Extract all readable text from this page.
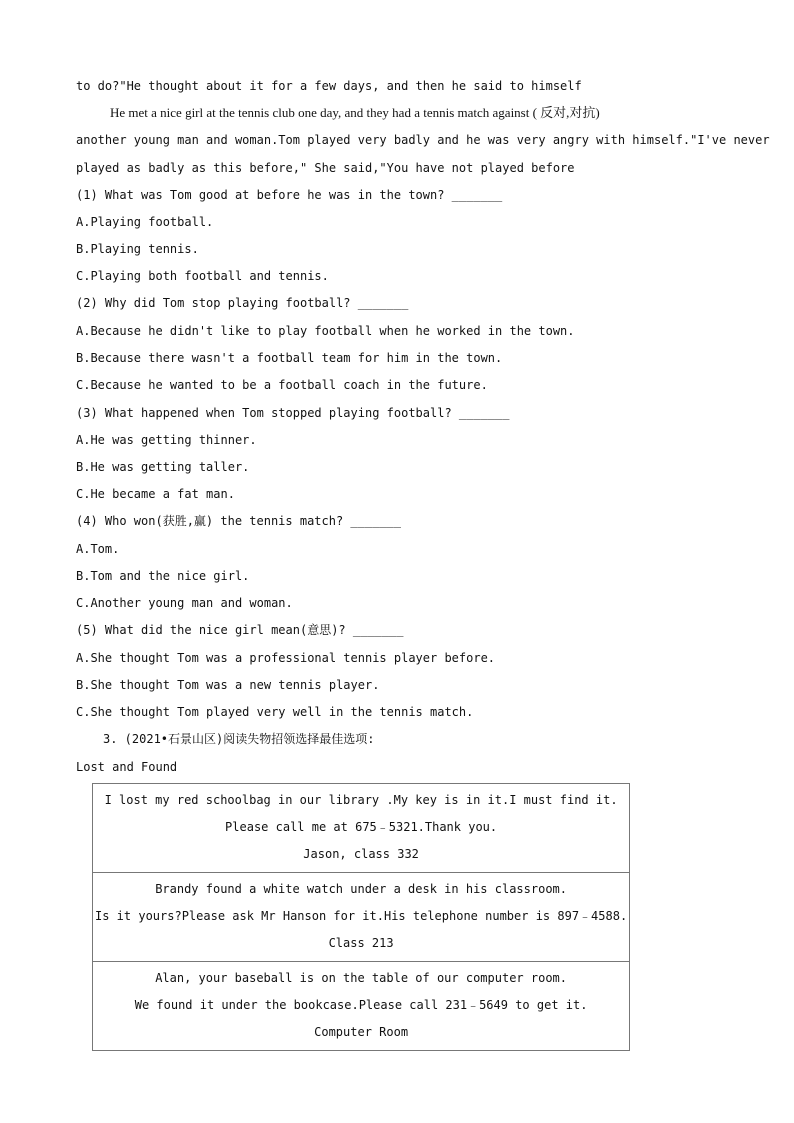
to do?"He thought about it for a few days, and then he said to himself
He met a nice girl at the tennis club one day, and they had a tennis match against ( 反对,对抗)
another young man and woman.Tom played very badly and he was very angry with himself."I've never
played as badly as this before," She said,"You have not played before
(1) What was Tom good at before he was in the town? _______
A.Playing football.
B.Playing tennis.
C.Playing both football and tennis.
(2) Why did Tom stop playing football? _______
A.Because he didn't like to play football when he worked in the town.
B.Because there wasn't a football team for him in the town.
C.Because he wanted to be a football coach in the future.
(3) What happened when Tom stopped playing football? _______
A.He was getting thinner.
B.He was getting taller.
C.He became a fat man.
(4) Who won(获胜,赢) the tennis match? _______
A.Tom.
B.Tom and the nice girl.
C.Another young man and woman.
(5) What did the nice girl mean(意思)? _______
A.She thought Tom was a professional tennis player before.
B.She thought Tom was a new tennis player.
C.She thought Tom played very well in the tennis match.
3. (2021•石景山区)阅读失物招领选择最佳选项:
Lost and Found
I lost my red schoolbag in our library .My key is in it.I must find it.
Please call me at 675﹣5321.Thank you.
Jason, class 332

Brandy found a white watch under a desk in his classroom.
Is it yours?Please ask Mr Hanson for it.His telephone number is 897﹣4588.
Class 213

Alan, your baseball is on the table of our computer room.
We found it under the bookcase.Please call 231﹣5649 to get it.
Computer Room
